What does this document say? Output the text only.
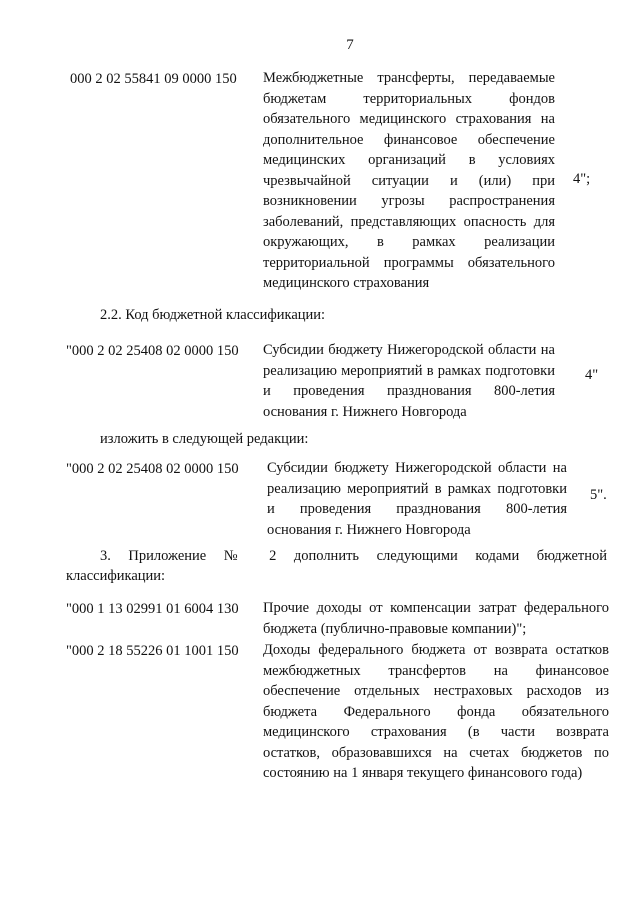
7
000 2 02 55841 09 0000 150 Межбюджетные трансферты, передаваемые
бюджетам территориальных фондов
обязательного медицинского страхования на
дополнительное финансовое обеспечение
медицинских организаций в условиях
чрезвычайной ситуации и (или) при
возникновении угрозы распространения
заболеваний, представляющих опасность для
окружающих, в рамках реализации
территориальной программы обязательного
медицинского страхования
4";
2.2. Код бюджетной классификации:
"000 2 02 25408 02 0000 150 Субсидии бюджету Нижегородской области на
реализацию мероприятий в рамках подготовки
и проведения празднования 800-летия
основания г. Нижнего Новгорода
4"
изложить в следующей редакции:
"000 2 02 25408 02 0000 150 Субсидии бюджету Нижегородской области на
реализацию мероприятий в рамках подготовки
и проведения празднования 800-летия
основания г. Нижнего Новгорода
5".
3. Приложение № 2 дополнить следующими кодами бюджетной
классификации:
"000 1 13 02991 01 6004 130 Прочие доходы от компенсации затрат федерального
бюджета (публично-правовые компании)";
"000 2 18 55226 01 1001 150 Доходы федерального бюджета от возврата остатков
межбюджетных трансфертов на финансовое
обеспечение отдельных нестраховых расходов из
бюджета Федерального фонда обязательного
медицинского страхования (в части возврата
остатков, образовавшихся на счетах бюджетов по
состоянию на 1 января текущего финансового года)
